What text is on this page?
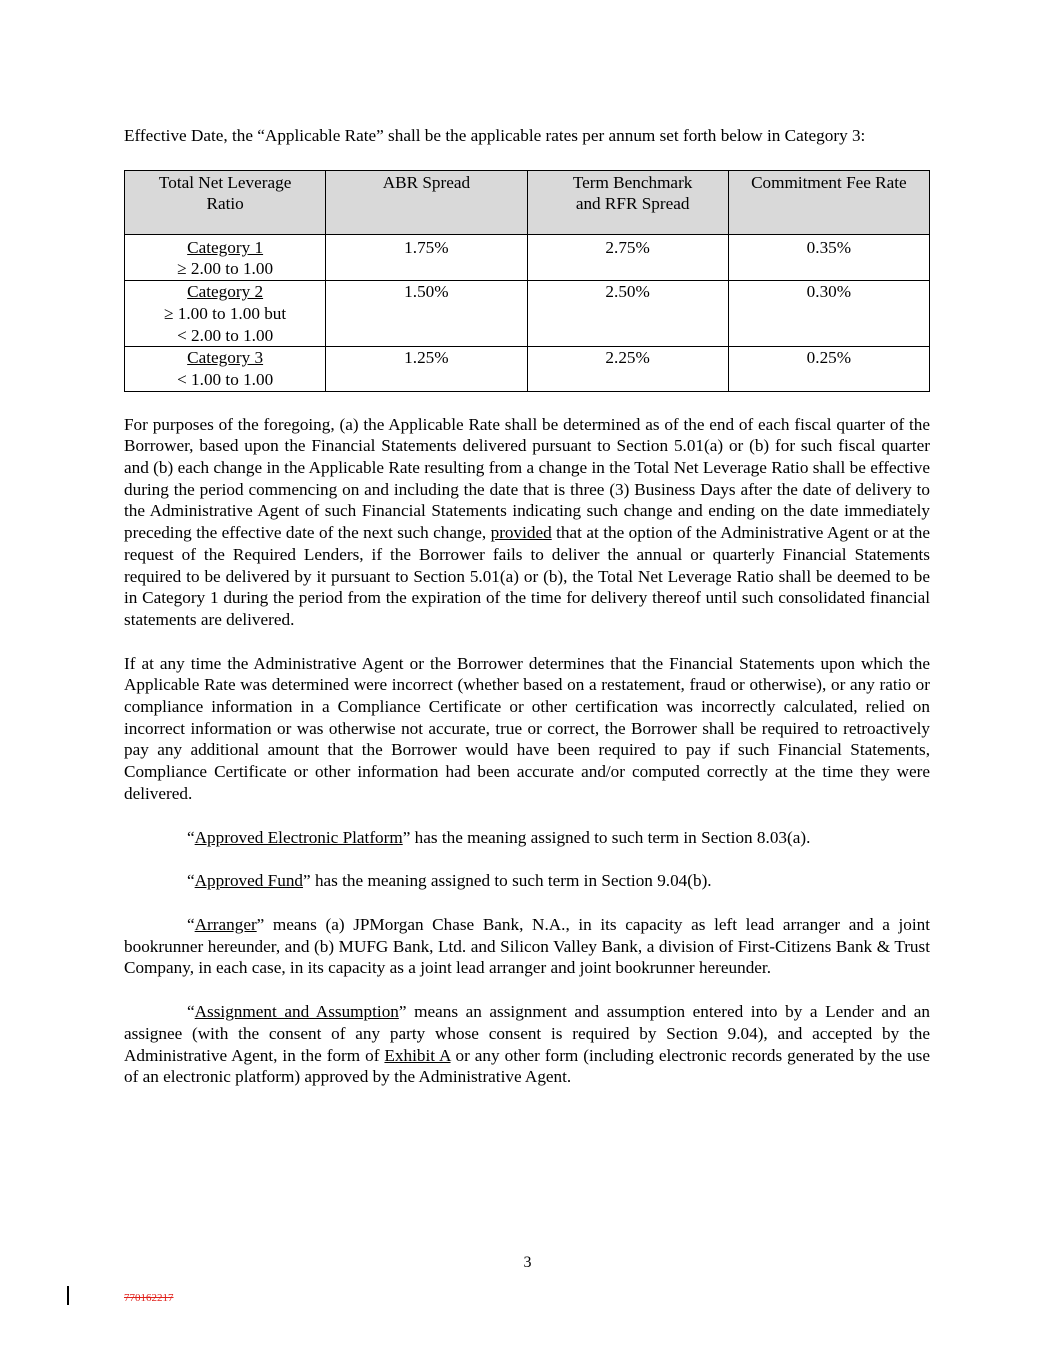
Effective Date, the “Applicable Rate” shall be the applicable rates per annum set forth below in Category 3:

Total Net Leverage Ratio	ABR Spread	Term Benchmark and RFR Spread	Commitment Fee Rate

Category 1
≥ 2.00 to 1.00	1.75%	2.75%	0.35%

Category 2
≥ 1.00 to 1.00 but
< 2.00 to 1.00	1.50%	2.50%	0.30%

Category 3
< 1.00 to 1.00	1.25%	2.25%	0.25%

For purposes of the foregoing, (a) the Applicable Rate shall be determined as of the end of each fiscal quarter of the Borrower, based upon the Financial Statements delivered pursuant to Section 5.01(a) or (b) for such fiscal quarter and (b) each change in the Applicable Rate resulting from a change in the Total Net Leverage Ratio shall be effective during the period commencing on and including the date that is three (3) Business Days after the date of delivery to the Administrative Agent of such Financial Statements indicating such change and ending on the date immediately preceding the effective date of the next such change, provided that at the option of the Administrative Agent or at the request of the Required Lenders, if the Borrower fails to deliver the annual or quarterly Financial Statements required to be delivered by it pursuant to Section 5.01(a) or (b), the Total Net Leverage Ratio shall be deemed to be in Category 1 during the period from the expiration of the time for delivery thereof until such consolidated financial statements are delivered.

If at any time the Administrative Agent or the Borrower determines that the Financial Statements upon which the Applicable Rate was determined were incorrect (whether based on a restatement, fraud or otherwise), or any ratio or compliance information in a Compliance Certificate or other certification was incorrectly calculated, relied on incorrect information or was otherwise not accurate, true or correct, the Borrower shall be required to retroactively pay any additional amount that the Borrower would have been required to pay if such Financial Statements, Compliance Certificate or other information had been accurate and/or computed correctly at the time they were delivered.

“Approved Electronic Platform” has the meaning assigned to such term in Section 8.03(a).

“Approved Fund” has the meaning assigned to such term in Section 9.04(b).

“Arranger” means (a) JPMorgan Chase Bank, N.A., in its capacity as left lead arranger and a joint bookrunner hereunder, and (b) MUFG Bank, Ltd. and Silicon Valley Bank, a division of First-Citizens Bank & Trust Company, in each case, in its capacity as a joint lead arranger and joint bookrunner hereunder.

“Assignment and Assumption” means an assignment and assumption entered into by a Lender and an assignee (with the consent of any party whose consent is required by Section 9.04), and accepted by the Administrative Agent, in the form of Exhibit A or any other form (including electronic records generated by the use of an electronic platform) approved by the Administrative Agent.

3
770162217
